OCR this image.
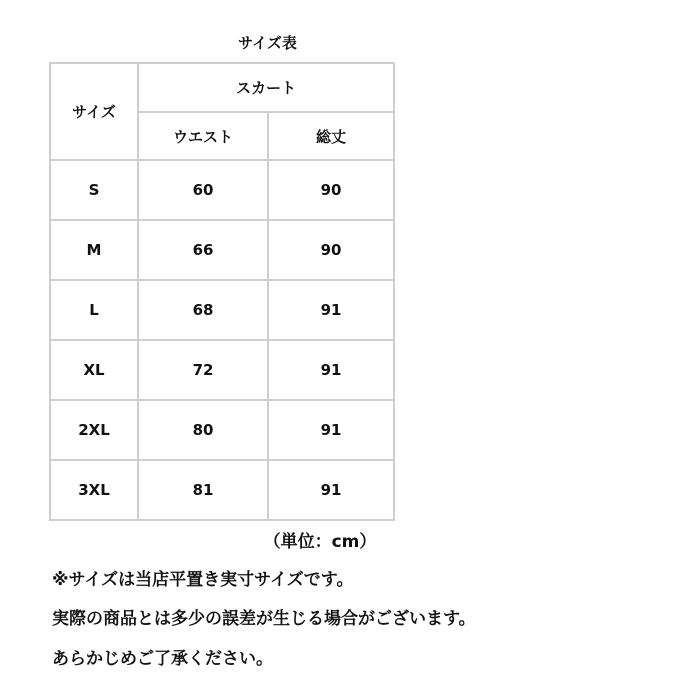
サイズ表
サイズ	スカート	
	ウエスト	総丈
S	60	90
M	66	90
L	68	91
XL	72	91
2XL	80	91
3XL	81	91
（単位：cm）
※サイズは当店平置き実寸サイズです。
実際の商品とは多少の誤差が生じる場合がございます。
あらかじめご了承ください。
